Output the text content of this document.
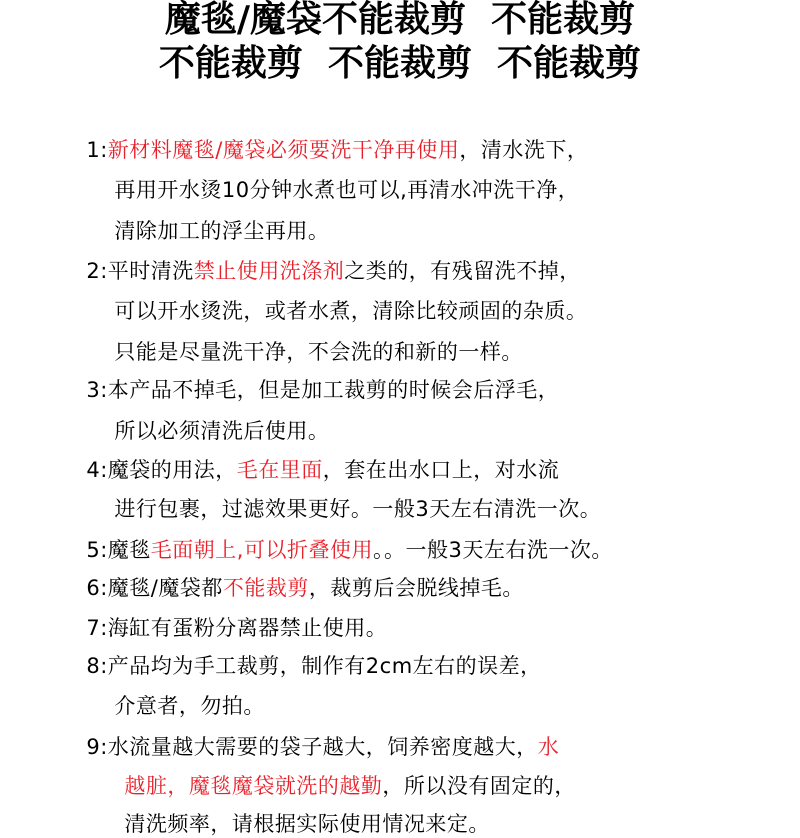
魔毯/魔袋不能裁剪  不能裁剪
不能裁剪  不能裁剪  不能裁剪

1:新材料魔毯/魔袋必须要洗干净再使用，清水洗下，

再用开水烫10分钟水煮也可以,再清水冲洗干净，

清除加工的浮尘再用。

2:平时清洗禁止使用洗涤剂之类的，有残留洗不掉，

可以开水烫洗，或者水煮，清除比较顽固的杂质。

只能是尽量洗干净，不会洗的和新的一样。

3:本产品不掉毛，但是加工裁剪的时候会后浮毛，

所以必须清洗后使用。

4:魔袋的用法，毛在里面，套在出水口上，对水流

进行包裹，过滤效果更好。一般3天左右清洗一次。

5:魔毯毛面朝上,可以折叠使用。。一般3天左右洗一次。

6:魔毯/魔袋都不能裁剪，裁剪后会脱线掉毛。

7:海缸有蛋粉分离器禁止使用。

8:产品均为手工裁剪，制作有2cm左右的误差，

介意者，勿拍。

9:水流量越大需要的袋子越大，饲养密度越大，水

越脏，魔毯魔袋就洗的越勤，所以没有固定的，

清洗频率，请根据实际使用情况来定。
